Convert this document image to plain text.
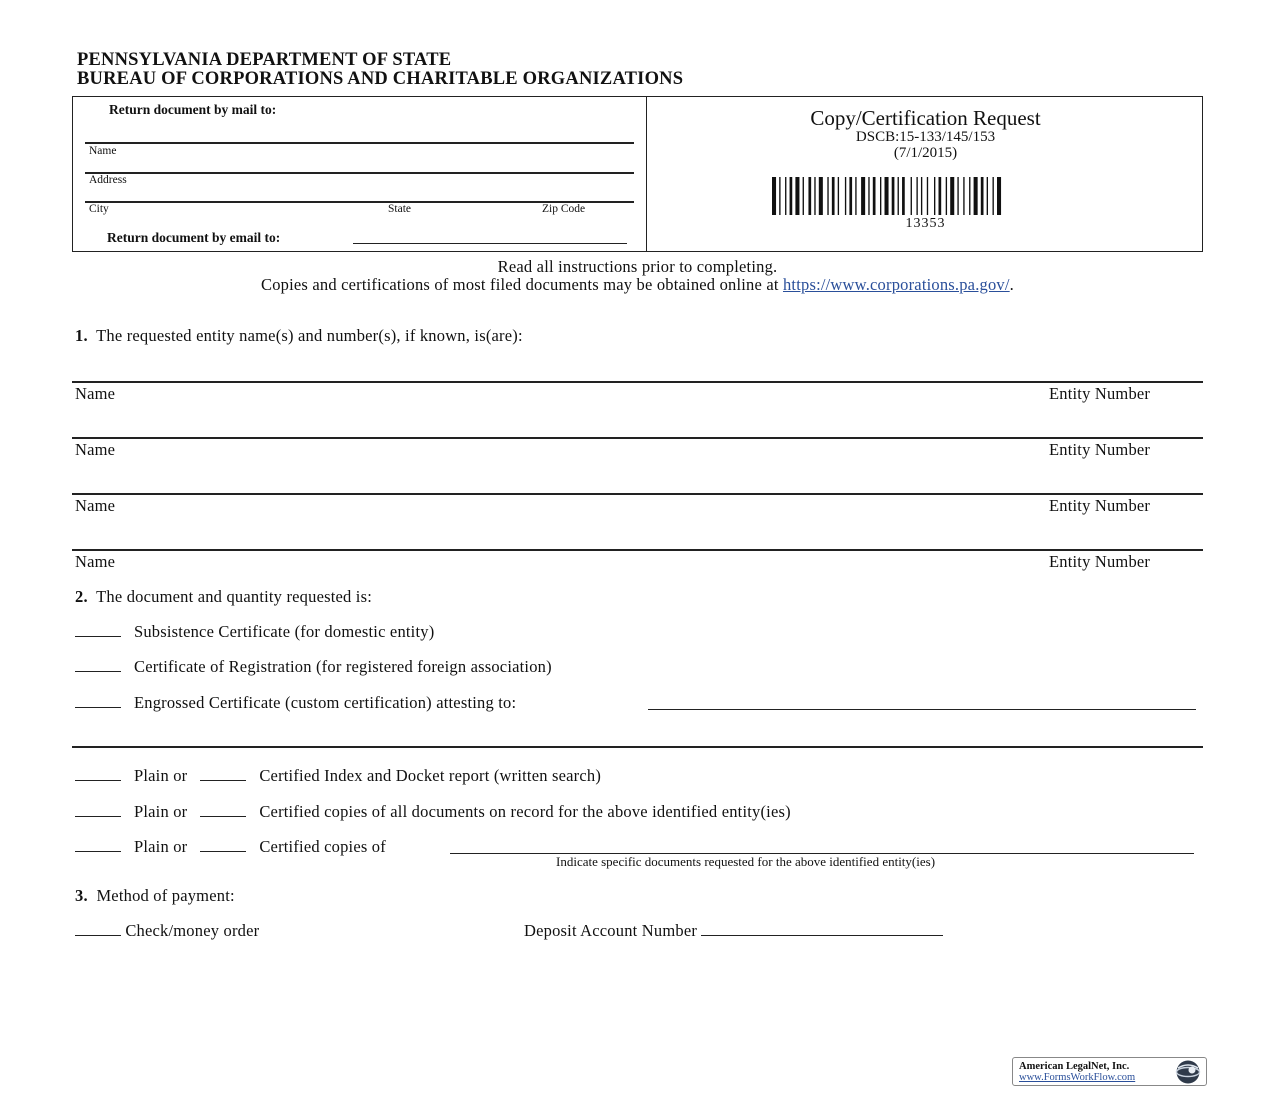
PENNSYLVANIA DEPARTMENT OF STATE
BUREAU OF CORPORATIONS AND CHARITABLE ORGANIZATIONS
Return document by mail to:
Name
Address
City	State	Zip Code
Return document by email to:
Copy/Certification Request
DSCB:15-133/145/153
(7/1/2015)
13353
Read all instructions prior to completing.
Copies and certifications of most filed documents may be obtained online at https://www.corporations.pa.gov/.
1. The requested entity name(s) and number(s), if known, is(are):
Name	Entity Number
Name	Entity Number
Name	Entity Number
Name	Entity Number
2. The document and quantity requested is:
Subsistence Certificate (for domestic entity)
Certificate of Registration (for registered foreign association)
Engrossed Certificate (custom certification) attesting to:
Plain or	Certified Index and Docket report (written search)
Plain or	Certified copies of all documents on record for the above identified entity(ies)
Plain or	Certified copies of
Indicate specific documents requested for the above identified entity(ies)
3. Method of payment:
Check/money order	Deposit Account Number
American LegalNet, Inc.
www.FormsWorkFlow.com
